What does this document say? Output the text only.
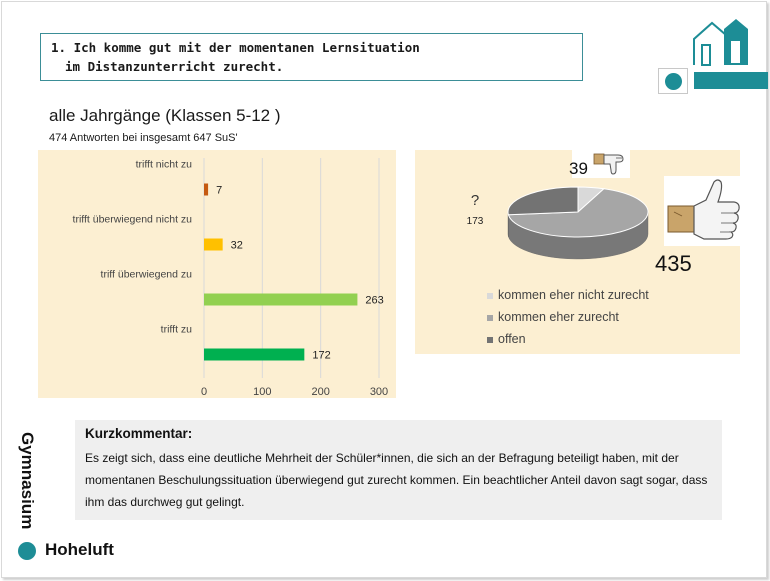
1. Ich komme gut mit der momentanen Lernsituation
im Distanzunterricht zurecht.
alle Jahrgänge (Klassen 5-12 )
474 Antworten bei insgesamt 647 SuS'
0	100	200	300
trifft nicht zu
7
trifft überwiegend nicht zu
32
triff überwiegend zu
263
trifft zu
172
39
435
?
173
kommen eher nicht zurecht
kommen eher zurecht
offen
Kurzkommentar:
Es zeigt sich, dass eine deutliche Mehrheit der Schüler*innen, die sich an der Befragung beteiligt haben, mit der momentanen Beschulungssituation überwiegend gut zurecht kommen. Ein beachtlicher Anteil davon sagt sogar, dass ihm das durchweg gut gelingt.
Gymnasium
Hoheluft
